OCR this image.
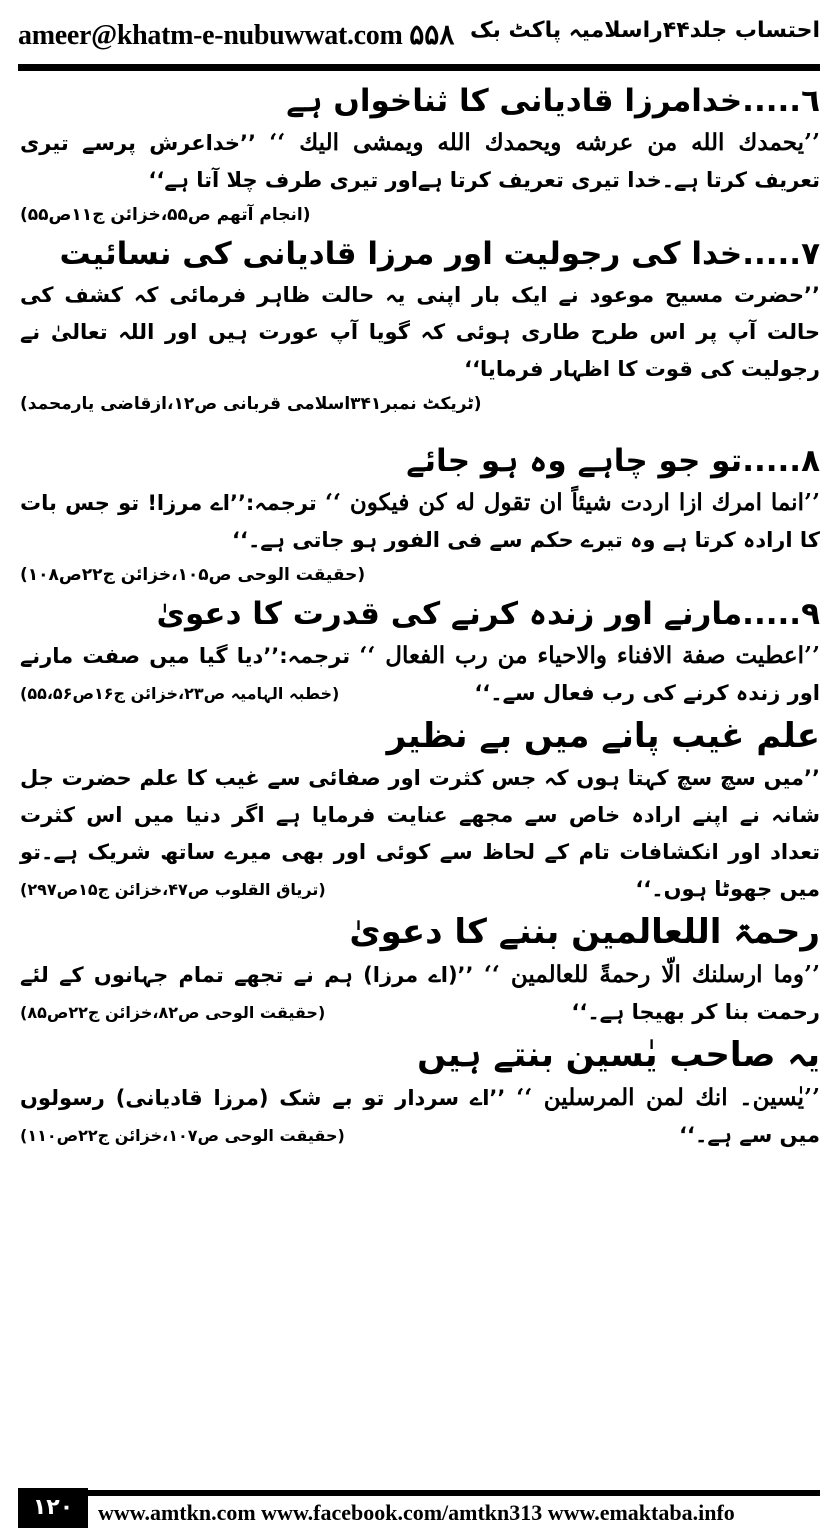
ameer@khatm-e-nubuwwat.com ۵۵۸ احتساب جلد۴۴راسلامیہ پاکٹ بک
٦.....خدامرزا قادیانی کا ثناخواں ہے
’’یحمدك الله من عرشه ویحمدك الله ویمشی الیك ‘‘ ’’خداعرش پرسے تیری تعریف کرتا ہے۔خدا تیری تعریف کرتا ہےاور تیری طرف چلا آتا ہے‘‘
(انجام آتھم ص۵۵،خزائن ج۱۱ص۵۵)
٧.....خدا کی رجولیت اور مرزا قادیانی کی نسائیت
’’حضرت مسیح موعود نے ایک بار اپنی یہ حالت ظاہر فرمائی کہ کشف کی حالت آپ پر اس طرح طاری ہوئی کہ گویا آپ عورت ہیں اور اللہ تعالیٰ نے رجولیت کی قوت کا اظہار فرمایا‘‘
(ٹریکٹ نمبر۳۴۱اسلامی قربانی ص۱۲،ازقاضی یارمحمد)
٨.....تو جو چاہے وہ ہو جائے
’’انما امرك ازا اردت شیئاً ان تقول له کن فیکون ‘‘ ترجمہ:’’اے مرزا! تو جس بات کا ارادہ کرتا ہے وہ تیرے حکم سے فی الفور ہو جاتی ہے۔‘‘
(حقیقت الوحی ص۱۰۵،خزائن ج۲۲ص۱۰۸)
٩.....مارنے اور زندہ کرنے کی قدرت کا دعویٰ
’’اعطیت صفة الافناء والاحیاء من رب الفعال ‘‘ ترجمہ:’’دیا گیا میں صفت مارنے اور زندہ کرنے کی رب فعال سے۔‘‘
(خطبہ الہامیہ ص۲۳،خزائن ج۱۶ص۵۵،۵۶)
علم غیب پانے میں بے نظیر
’’میں سچ سچ کہتا ہوں کہ جس کثرت اور صفائی سے غیب کا علم حضرت جل شانہ نے اپنے ارادہ خاص سے مجھے عنایت فرمایا ہے اگر دنیا میں اس کثرت تعداد اور انکشافات تام کے لحاظ سے کوئی اور بھی میرے ساتھ شریک ہے۔تو میں جھوٹا ہوں۔‘‘
(تریاق القلوب ص۴۷،خزائن ج۱۵ص۲۹۷)
رحمۃ اللعالمین بننے کا دعویٰ
’’وما ارسلنك الّا رحمةً للعالمین ‘‘ ’’(اے مرزا) ہم نے تجھے تمام جہانوں کے لئے رحمت بنا کر بھیجا ہے۔‘‘
(حقیقت الوحی ص۸۲،خزائن ج۲۲ص۸۵)
یہ صاحب یٰسین بنتے ہیں
’’یٰسین۔ انك لمن المرسلین ‘‘ ’’اے سردار تو بے شک (مرزا قادیانی) رسولوں میں سے ہے۔‘‘
(حقیقت الوحی ص۱۰۷،خزائن ج۲۲ص۱۱۰)
۱۲۰	www.amtkn.com www.facebook.com/amtkn313 www.emaktaba.info
